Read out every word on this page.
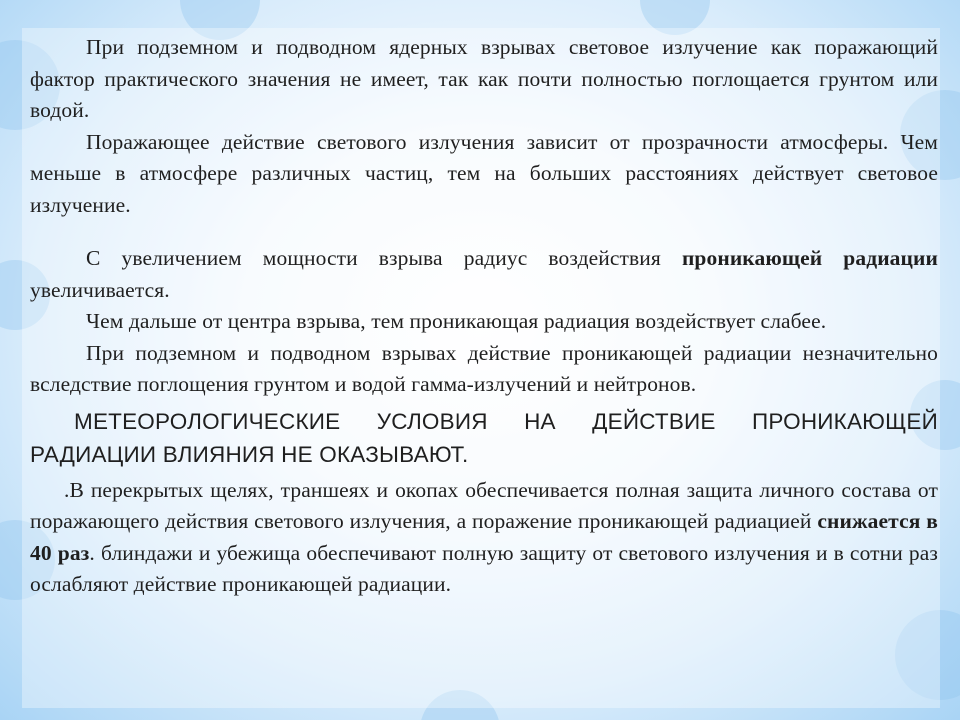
При подземном и подводном ядерных взрывах световое излучение как поражающий фактор практического значения не имеет, так как почти полностью поглощается грунтом или водой.

Поражающее действие светового излучения зависит от прозрачности атмосферы. Чем меньше в атмосфере различных частиц, тем на больших расстояниях действует световое излучение.

С увеличением мощности взрыва радиус воздействия проникающей радиации увеличивается.

Чем дальше от центра взрыва, тем проникающая радиация воздействует слабее.

При подземном и подводном взрывах действие проникающей радиации незначительно вследствие поглощения грунтом и водой гамма-излучений и нейтронов.

МЕТЕОРОЛОГИЧЕСКИЕ УСЛОВИЯ НА ДЕЙСТВИЕ ПРОНИКАЮЩЕЙ РАДИАЦИИ ВЛИЯНИЯ НЕ ОКАЗЫВАЮТ.

.В перекрытых щелях, траншеях и окопах обеспечивается полная защита личного состава от поражающего действия светового излучения, а поражение проникающей радиацией снижается в 40 раз. блиндажи и убежища обеспечивают полную защиту от светового излучения и в сотни раз ослабляют действие проникающей радиации.
